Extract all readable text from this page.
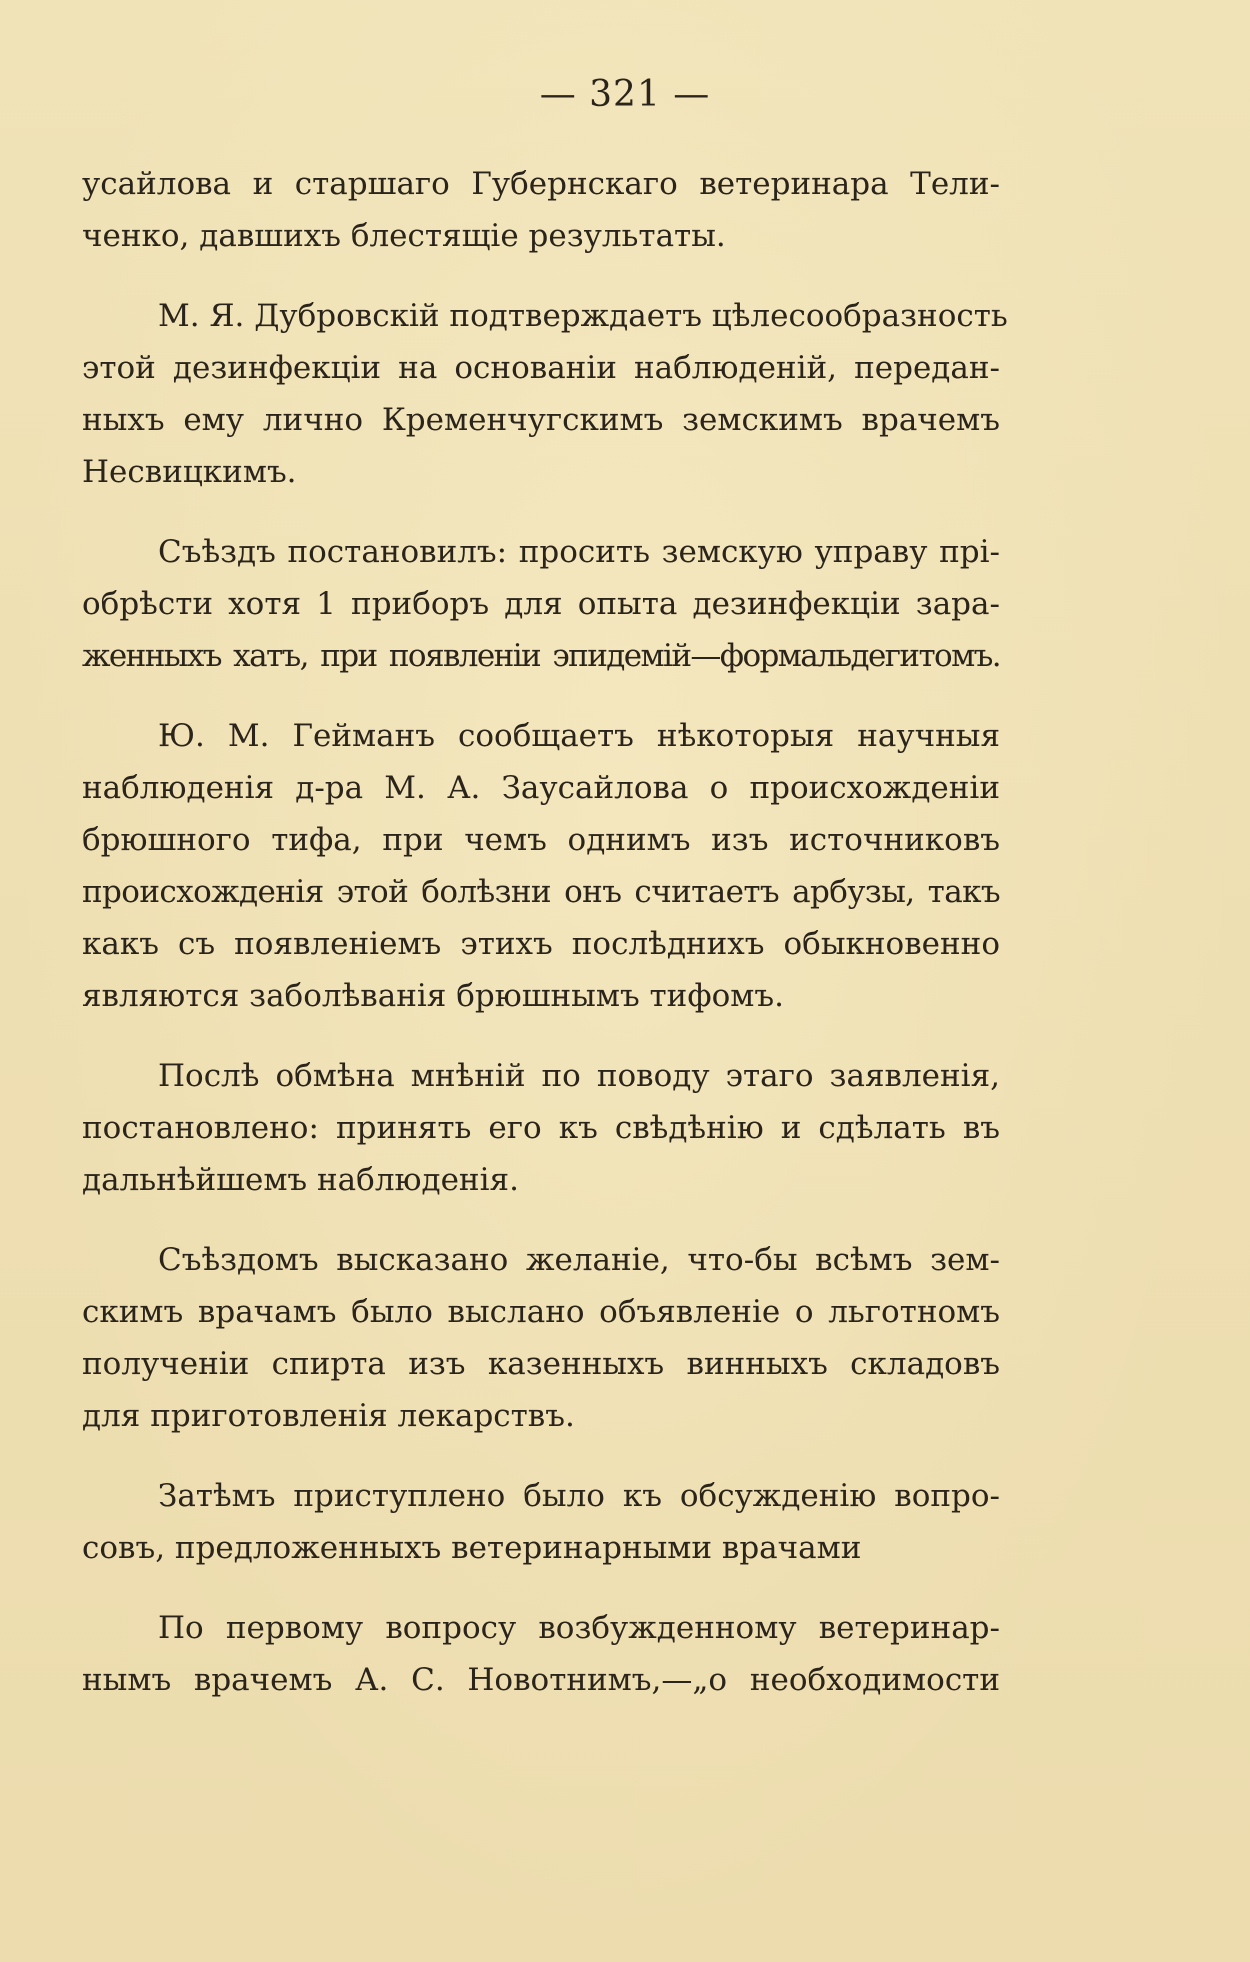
— 321 —
усайлова и старшаго Губернскаго ветеринара Тели-
ченко, давшихъ блестящіе результаты.
М. Я. Дубровскій подтверждаетъ цѣлесообразность
этой дезинфекціи на основаніи наблюденій, передан-
ныхъ ему лично Кременчугскимъ земскимъ врачемъ
Несвицкимъ.
Съѣздъ постановилъ: просить земскую управу прі-
обрѣсти хотя 1 приборъ для опыта дезинфекціи зара-
женныхъ хатъ, при появленіи эпидемій—формальдегитомъ.
Ю. М. Гейманъ сообщаетъ нѣкоторыя научныя
наблюденія д-ра М. А. Заусайлова о происхожденіи
брюшного тифа, при чемъ однимъ изъ источниковъ
происхожденія этой болѣзни онъ считаетъ арбузы, такъ
какъ съ появленіемъ этихъ послѣднихъ обыкновенно
являются заболѣванія брюшнымъ тифомъ.
Послѣ обмѣна мнѣній по поводу этаго заявленія,
постановлено: принять его къ свѣдѣнію и сдѣлать въ
дальнѣйшемъ наблюденія.
Съѣздомъ высказано желаніе, что-бы всѣмъ зем-
скимъ врачамъ было выслано объявленіе о льготномъ
полученіи спирта изъ казенныхъ винныхъ складовъ
для приготовленія лекарствъ.
Затѣмъ приступлено было къ обсужденію вопро-
совъ, предложенныхъ ветеринарными врачами
По первому вопросу возбужденному ветеринар-
нымъ врачемъ А. С. Новотнимъ,—„о необходимости
